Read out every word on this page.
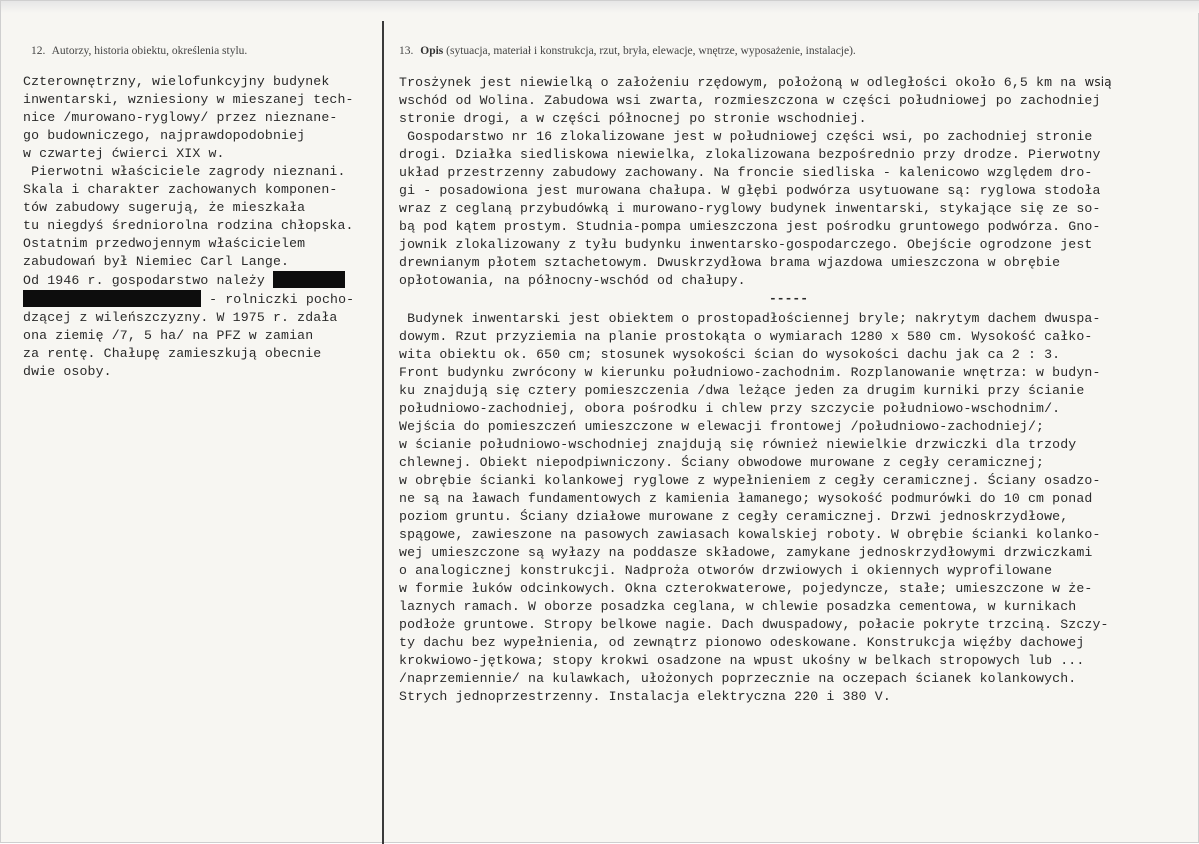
12. Autorzy, historia obiektu, określenia stylu.
Czterownętrzny, wielofunkcyjny budynek
inwentarski, wzniesiony w mieszanej tech-
nice /murowano-ryglowy/ przez nieznane-
go budowniczego, najprawdopodobniej
w czwartej ćwierci XIX w.
Pierwotni właściciele zagrody nieznani.
Skala i charakter zachowanych komponen-
tów zabudowy sugerują, że mieszkała
tu niegdyś średniorolna rodzina chłopska.
Ostatnim przedwojennym właścicielem
zabudowań był Niemiec Carl Lange.
Od 1946 r. gospodarstwo należy
- rolniczki pocho-
dzącej z wileńszczyzny. W 1975 r. zdała
ona ziemię /7, 5 ha/ na PFZ w zamian
za rentę. Chałupę zamieszkują obecnie
dwie osoby.
13. Opis (sytuacja, materiał i konstrukcja, rzut, bryła, elewacje, wnętrze, wyposażenie, instalacje).
Trosżynek jest niewielką o założeniu rzędowym, położoną w odległości około 6,5 km na wsią
wschód od Wolina. Zabudowa wsi zwarta, rozmieszczona w części południowej po zachodniej
stronie drogi, a w części północnej po stronie wschodniej.
Gospodarstwo nr 16 zlokalizowane jest w południowej części wsi, po zachodniej stronie
drogi. Działka siedliskowa niewielka, zlokalizowana bezpośrednio przy drodze. Pierwotny
układ przestrzenny zabudowy zachowany. Na froncie siedliska - kalenicowo względem dro-
gi - posadowiona jest murowana chałupa. W głębi podwórza usytuowane są: ryglowa stodoła
wraz z ceglaną przybudówką i murowano-ryglowy budynek inwentarski, stykające się ze so-
bą pod kątem prostym. Studnia-pompa umieszczona jest pośrodku gruntowego podwórza. Gno-
jownik zlokalizowany z tyłu budynku inwentarsko-gospodarczego. Obejście ogrodzone jest
drewnianym płotem sztachetowym. Dwuskrzydłowa brama wjazdowa umieszczona w obrębie
opłotowania, na północny-wschód od chałupy.
-----
Budynek inwentarski jest obiektem o prostopadłościennej bryle; nakrytym dachem dwuspa-
dowym. Rzut przyziemia na planie prostokąta o wymiarach 1280 x 580 cm. Wysokość całko-
wita obiektu ok. 650 cm; stosunek wysokości ścian do wysokości dachu jak ca 2 : 3.
Front budynku zwrócony w kierunku południowo-zachodnim. Rozplanowanie wnętrza: w budyn-
ku znajdują się cztery pomieszczenia /dwa leżące jeden za drugim kurniki przy ścianie
południowo-zachodniej, obora pośrodku i chlew przy szczycie południowo-wschodnim/.
Wejścia do pomieszczeń umieszczone w elewacji frontowej /południowo-zachodniej/;
w ścianie południowo-wschodniej znajdują się również niewielkie drzwiczki dla trzody
chlewnej. Obiekt niepodpiwniczony. Ściany obwodowe murowane z cegły ceramicznej;
w obrębie ścianki kolankowej ryglowe z wypełnieniem z cegły ceramicznej. Ściany osadzo-
ne są na ławach fundamentowych z kamienia łamanego; wysokość podmurówki do 10 cm ponad
poziom gruntu. Ściany działowe murowane z cegły ceramicznej. Drzwi jednoskrzydłowe,
spągowe, zawieszone na pasowych zawiasach kowalskiej roboty. W obrębie ścianki kolanko-
wej umieszczone są wyłazy na poddasze składowe, zamykane jednoskrzydłowymi drzwiczkami
o analogicznej konstrukcji. Nadproża otworów drzwiowych i okiennych wyprofilowane
w formie łuków odcinkowych. Okna czterokwaterowe, pojedyncze, stałe; umieszczone w że-
laznych ramach. W oborze posadzka ceglana, w chlewie posadzka cementowa, w kurnikach
podłoże gruntowe. Stropy belkowe nagie. Dach dwuspadowy, połacie pokryte trzciną. Szczy-
ty dachu bez wypełnienia, od zewnątrz pionowo odeskowane. Konstrukcja więźby dachowej
krokwiowo-jętkowa; stopy krokwi osadzone na wpust ukośny w belkach stropowych lub ...
/naprzemiennie/ na kulawkach, ułożonych poprzecznie na oczepach ścianek kolankowych.
Strych jednoprzestrzenny. Instalacja elektryczna 220 i 380 V.
